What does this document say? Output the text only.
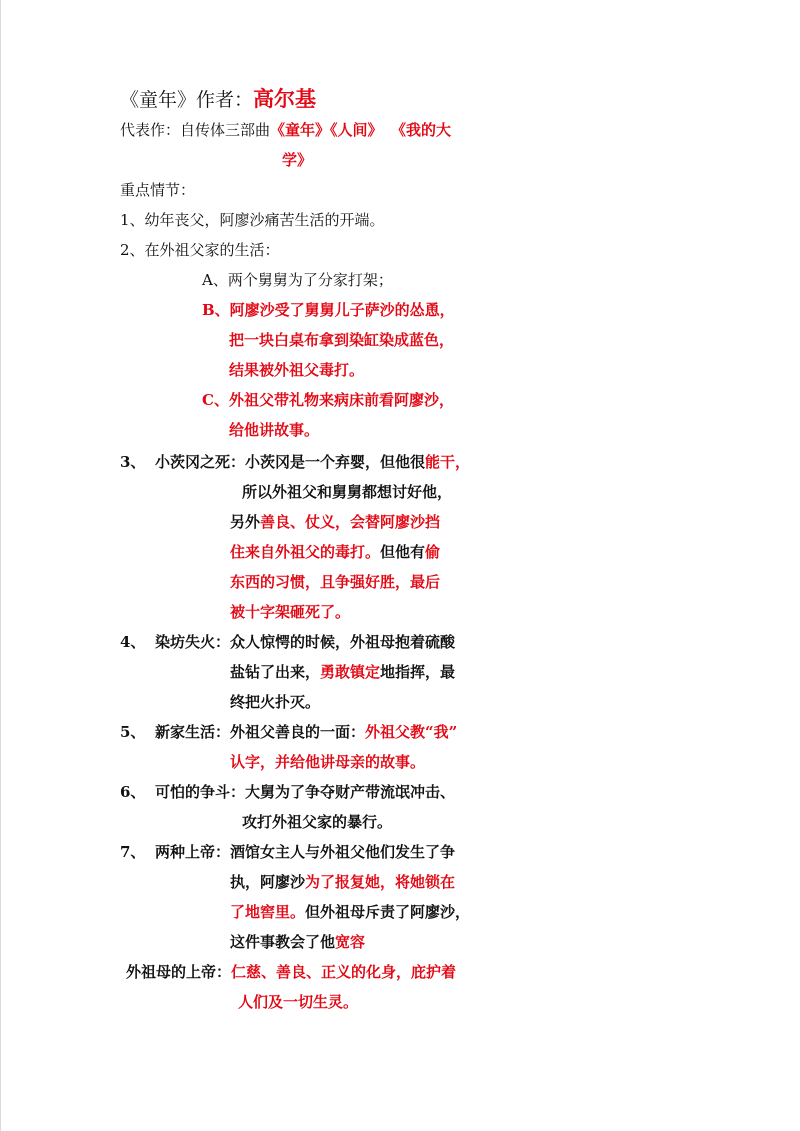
《童年》作者：高尔基
代表作：自传体三部曲《童年》《人间》 《我的大
学》
重点情节：
1、幼年丧父，阿廖沙痛苦生活的开端。
2、在外祖父家的生活：
A、两个舅舅为了分家打架；
B、阿廖沙受了舅舅儿子萨沙的怂恿，
把一块白桌布拿到染缸染成蓝色，
结果被外祖父毒打。
C、外祖父带礼物来病床前看阿廖沙，
给他讲故事。
3、 小茨冈之死：小茨冈是一个弃婴，但他很能干，
所以外祖父和舅舅都想讨好他，
另外善良、仗义，会替阿廖沙挡
住来自外祖父的毒打。但他有偷
东西的习惯，且争强好胜，最后
被十字架砸死了。
4、 染坊失火：众人惊愕的时候，外祖母抱着硫酸
盐钻了出来，勇敢镇定地指挥，最
终把火扑灭。
5、 新家生活：外祖父善良的一面：外祖父教“我”
认字，并给他讲母亲的故事。
6、 可怕的争斗：大舅为了争夺财产带流氓冲击、
攻打外祖父家的暴行。
7、 两种上帝：酒馆女主人与外祖父他们发生了争
执，阿廖沙为了报复她，将她锁在
了地窖里。但外祖母斥责了阿廖沙，
这件事教会了他宽容
外祖母的上帝：仁慈、善良、正义的化身，庇护着
人们及一切生灵。
